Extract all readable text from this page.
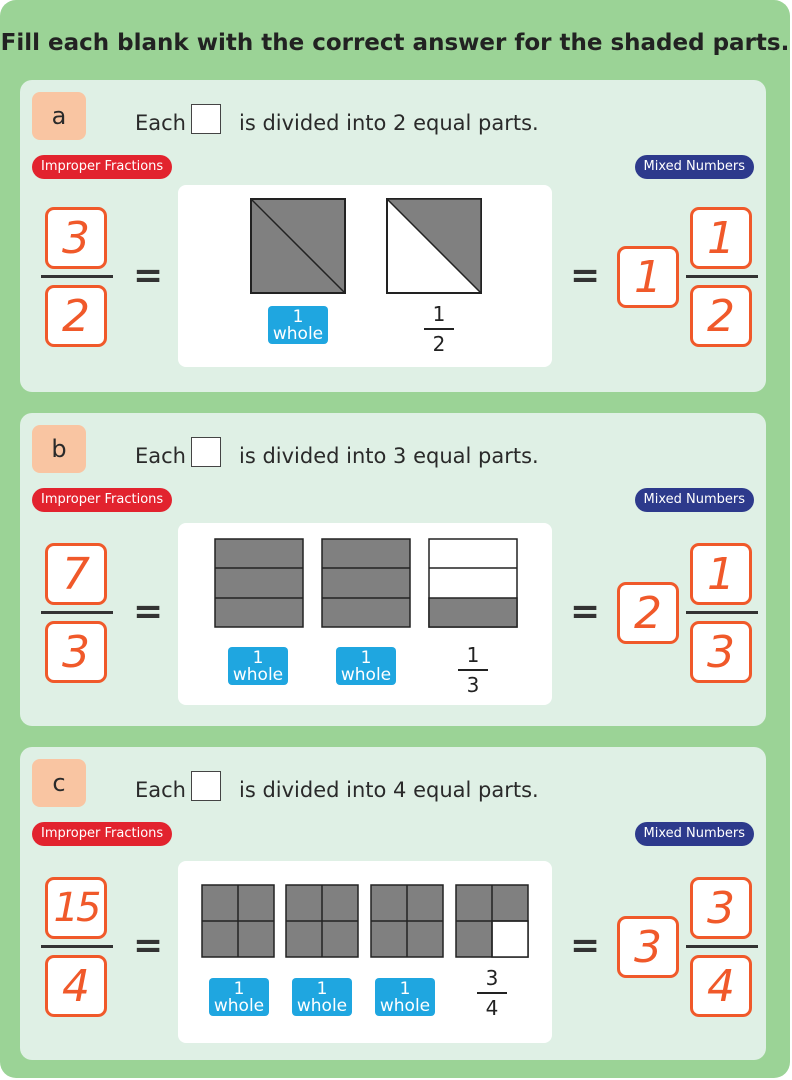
Fill each blank with the correct answer for the shaded parts.
a	Each	is divided into 2 equal parts.
Improper Fractions	Mixed Numbers
3
2
=
1
whole
1
2
= 1
1
2
b	Each	is divided into 3 equal parts.
Improper Fractions	Mixed Numbers
7
3
=
1
whole
1
whole
1
3
= 2
1
3
c	Each	is divided into 4 equal parts.
Improper Fractions	Mixed Numbers
15
4
=
1
whole
1
whole
1
whole
3
4
= 3
3
4
